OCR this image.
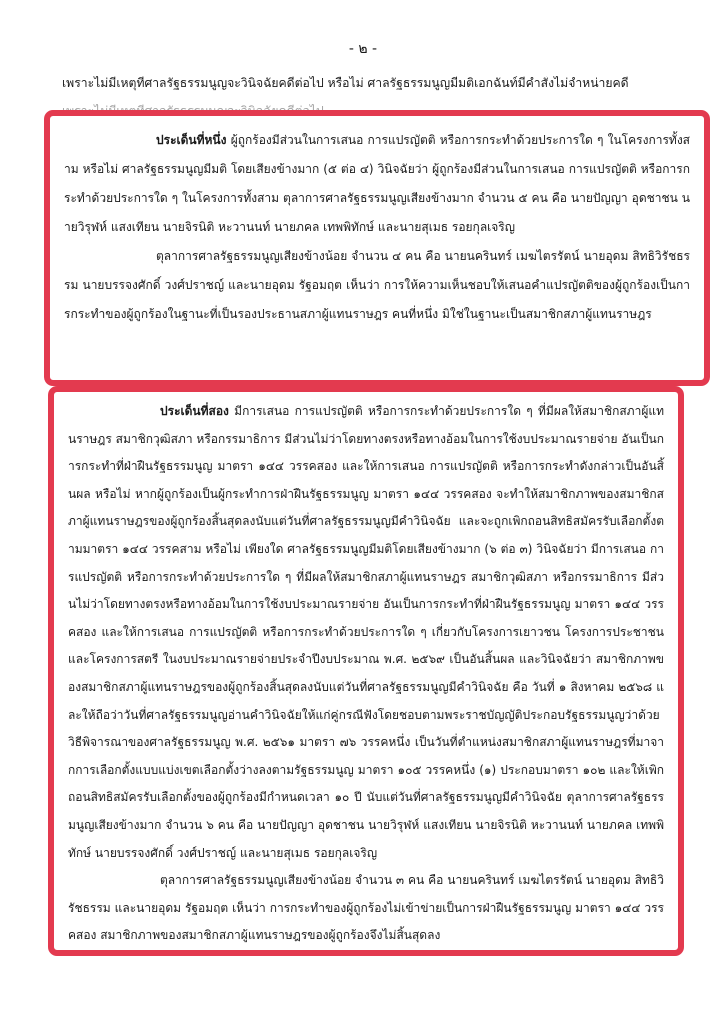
- ๒ -
เพราะไม่มีเหตุที่ศาลรัฐธรรมนูญจะวินิจฉัยคดีต่อไป หรือไม่ ศาลรัฐธรรมนูญมีมติเอกฉันท์มีคำสั่งไม่จำหน่ายคดี

ประเด็นที่หนึ่ง ผู้ถูกร้องมีส่วนในการเสนอ การแปรญัตติ หรือการกระทำด้วยประการใด ๆ ในโครงการทั้งสาม หรือไม่ ศาลรัฐธรรมนูญมีมติ โดยเสียงข้างมาก (๕ ต่อ ๔) วินิจฉัยว่า ผู้ถูกร้องมีส่วนในการเสนอ การแปรญัตติ หรือการกระทำด้วยประการใด ๆ ในโครงการทั้งสาม ตุลาการศาลรัฐธรรมนูญเสียงข้างมาก จำนวน ๕ คน คือ นายปัญญา อุดชาชน นายวิรุฬห์ แสงเทียน นายจิรนิติ หะวานนท์ นายภคล เทพพิทักษ์ และนายสุเมธ รอยกุลเจริญ

ตุลาการศาลรัฐธรรมนูญเสียงข้างน้อย จำนวน ๔ คน คือ นายนครินทร์ เมฆไตรรัตน์ นายอุดม สิทธิวิรัชธรรม นายบรรจงศักดิ์ วงศ์ปราชญ์ และนายอุดม รัฐอมฤต เห็นว่า การให้ความเห็นชอบให้เสนอคำแปรญัตติของผู้ถูกร้องเป็นการกระทำของผู้ถูกร้องในฐานะที่เป็นรองประธานสภาผู้แทนราษฎร คนที่หนึ่ง มิใช่ในฐานะเป็นสมาชิกสภาผู้แทนราษฎร

ประเด็นที่สอง มีการเสนอ การแปรญัตติ หรือการกระทำด้วยประการใด ๆ ที่มีผลให้สมาชิกสภาผู้แทนราษฎร สมาชิกวุฒิสภา หรือกรรมาธิการ มีส่วนไม่ว่าโดยทางตรงหรือทางอ้อมในการใช้งบประมาณรายจ่าย อันเป็นการกระทำที่ฝ่าฝืนรัฐธรรมนูญ มาตรา ๑๔๔ วรรคสอง และให้การเสนอ การแปรญัตติ หรือการกระทำดังกล่าวเป็นอันสิ้นผล หรือไม่ หากผู้ถูกร้องเป็นผู้กระทำการฝ่าฝืนรัฐธรรมนูญ มาตรา ๑๔๔ วรรคสอง จะทำให้สมาชิกภาพของสมาชิกสภาผู้แทนราษฎรของผู้ถูกร้องสิ้นสุดลงนับแต่วันที่ศาลรัฐธรรมนูญมีคำวินิจฉัย และจะถูกเพิกถอนสิทธิสมัครรับเลือกตั้งตามมาตรา ๑๔๔ วรรคสาม หรือไม่ เพียงใด ศาลรัฐธรรมนูญมีมติโดยเสียงข้างมาก (๖ ต่อ ๓) วินิจฉัยว่า มีการเสนอ การแปรญัตติ หรือการกระทำด้วยประการใด ๆ ที่มีผลให้สมาชิกสภาผู้แทนราษฎร สมาชิกวุฒิสภา หรือกรรมาธิการ มีส่วนไม่ว่าโดยทางตรงหรือทางอ้อมในการใช้งบประมาณรายจ่าย อันเป็นการกระทำที่ฝ่าฝืนรัฐธรรมนูญ มาตรา ๑๔๔ วรรคสอง และให้การเสนอ การแปรญัตติ หรือการกระทำด้วยประการใด ๆ เกี่ยวกับโครงการเยาวชน โครงการประชาชน และโครงการสตรี ในงบประมาณรายจ่ายประจำปีงบประมาณ พ.ศ. ๒๕๖๙ เป็นอันสิ้นผล และวินิจฉัยว่า สมาชิกภาพของสมาชิกสภาผู้แทนราษฎรของผู้ถูกร้องสิ้นสุดลงนับแต่วันที่ศาลรัฐธรรมนูญมีคำวินิจฉัย คือ วันที่ ๑ สิงหาคม ๒๕๖๘ และให้ถือว่าวันที่ศาลรัฐธรรมนูญอ่านคำวินิจฉัยให้แก่คู่กรณีฟังโดยชอบตามพระราชบัญญัติประกอบรัฐธรรมนูญว่าด้วยวิธีพิจารณาของศาลรัฐธรรมนูญ พ.ศ. ๒๕๖๑ มาตรา ๗๖ วรรคหนึ่ง เป็นวันที่ตำแหน่งสมาชิกสภาผู้แทนราษฎรที่มาจากการเลือกตั้งแบบแบ่งเขตเลือกตั้งว่างลงตามรัฐธรรมนูญ มาตรา ๑๐๕ วรรคหนึ่ง (๑) ประกอบมาตรา ๑๐๒ และให้เพิกถอนสิทธิสมัครรับเลือกตั้งของผู้ถูกร้องมีกำหนดเวลา ๑๐ ปี นับแต่วันที่ศาลรัฐธรรมนูญมีคำวินิจฉัย ตุลาการศาลรัฐธรรมนูญเสียงข้างมาก จำนวน ๖ คน คือ นายปัญญา อุดชาชน นายวิรุฬห์ แสงเทียน นายจิรนิติ หะวานนท์ นายภคล เทพพิทักษ์ นายบรรจงศักดิ์ วงศ์ปราชญ์ และนายสุเมธ รอยกุลเจริญ

ตุลาการศาลรัฐธรรมนูญเสียงข้างน้อย จำนวน ๓ คน คือ นายนครินทร์ เมฆไตรรัตน์ นายอุดม สิทธิวิรัชธรรม และนายอุดม รัฐอมฤต เห็นว่า การกระทำของผู้ถูกร้องไม่เข้าข่ายเป็นการฝ่าฝืนรัฐธรรมนูญ มาตรา ๑๔๔ วรรคสอง สมาชิกภาพของสมาชิกสภาผู้แทนราษฎรของผู้ถูกร้องจึงไม่สิ้นสุดลง
